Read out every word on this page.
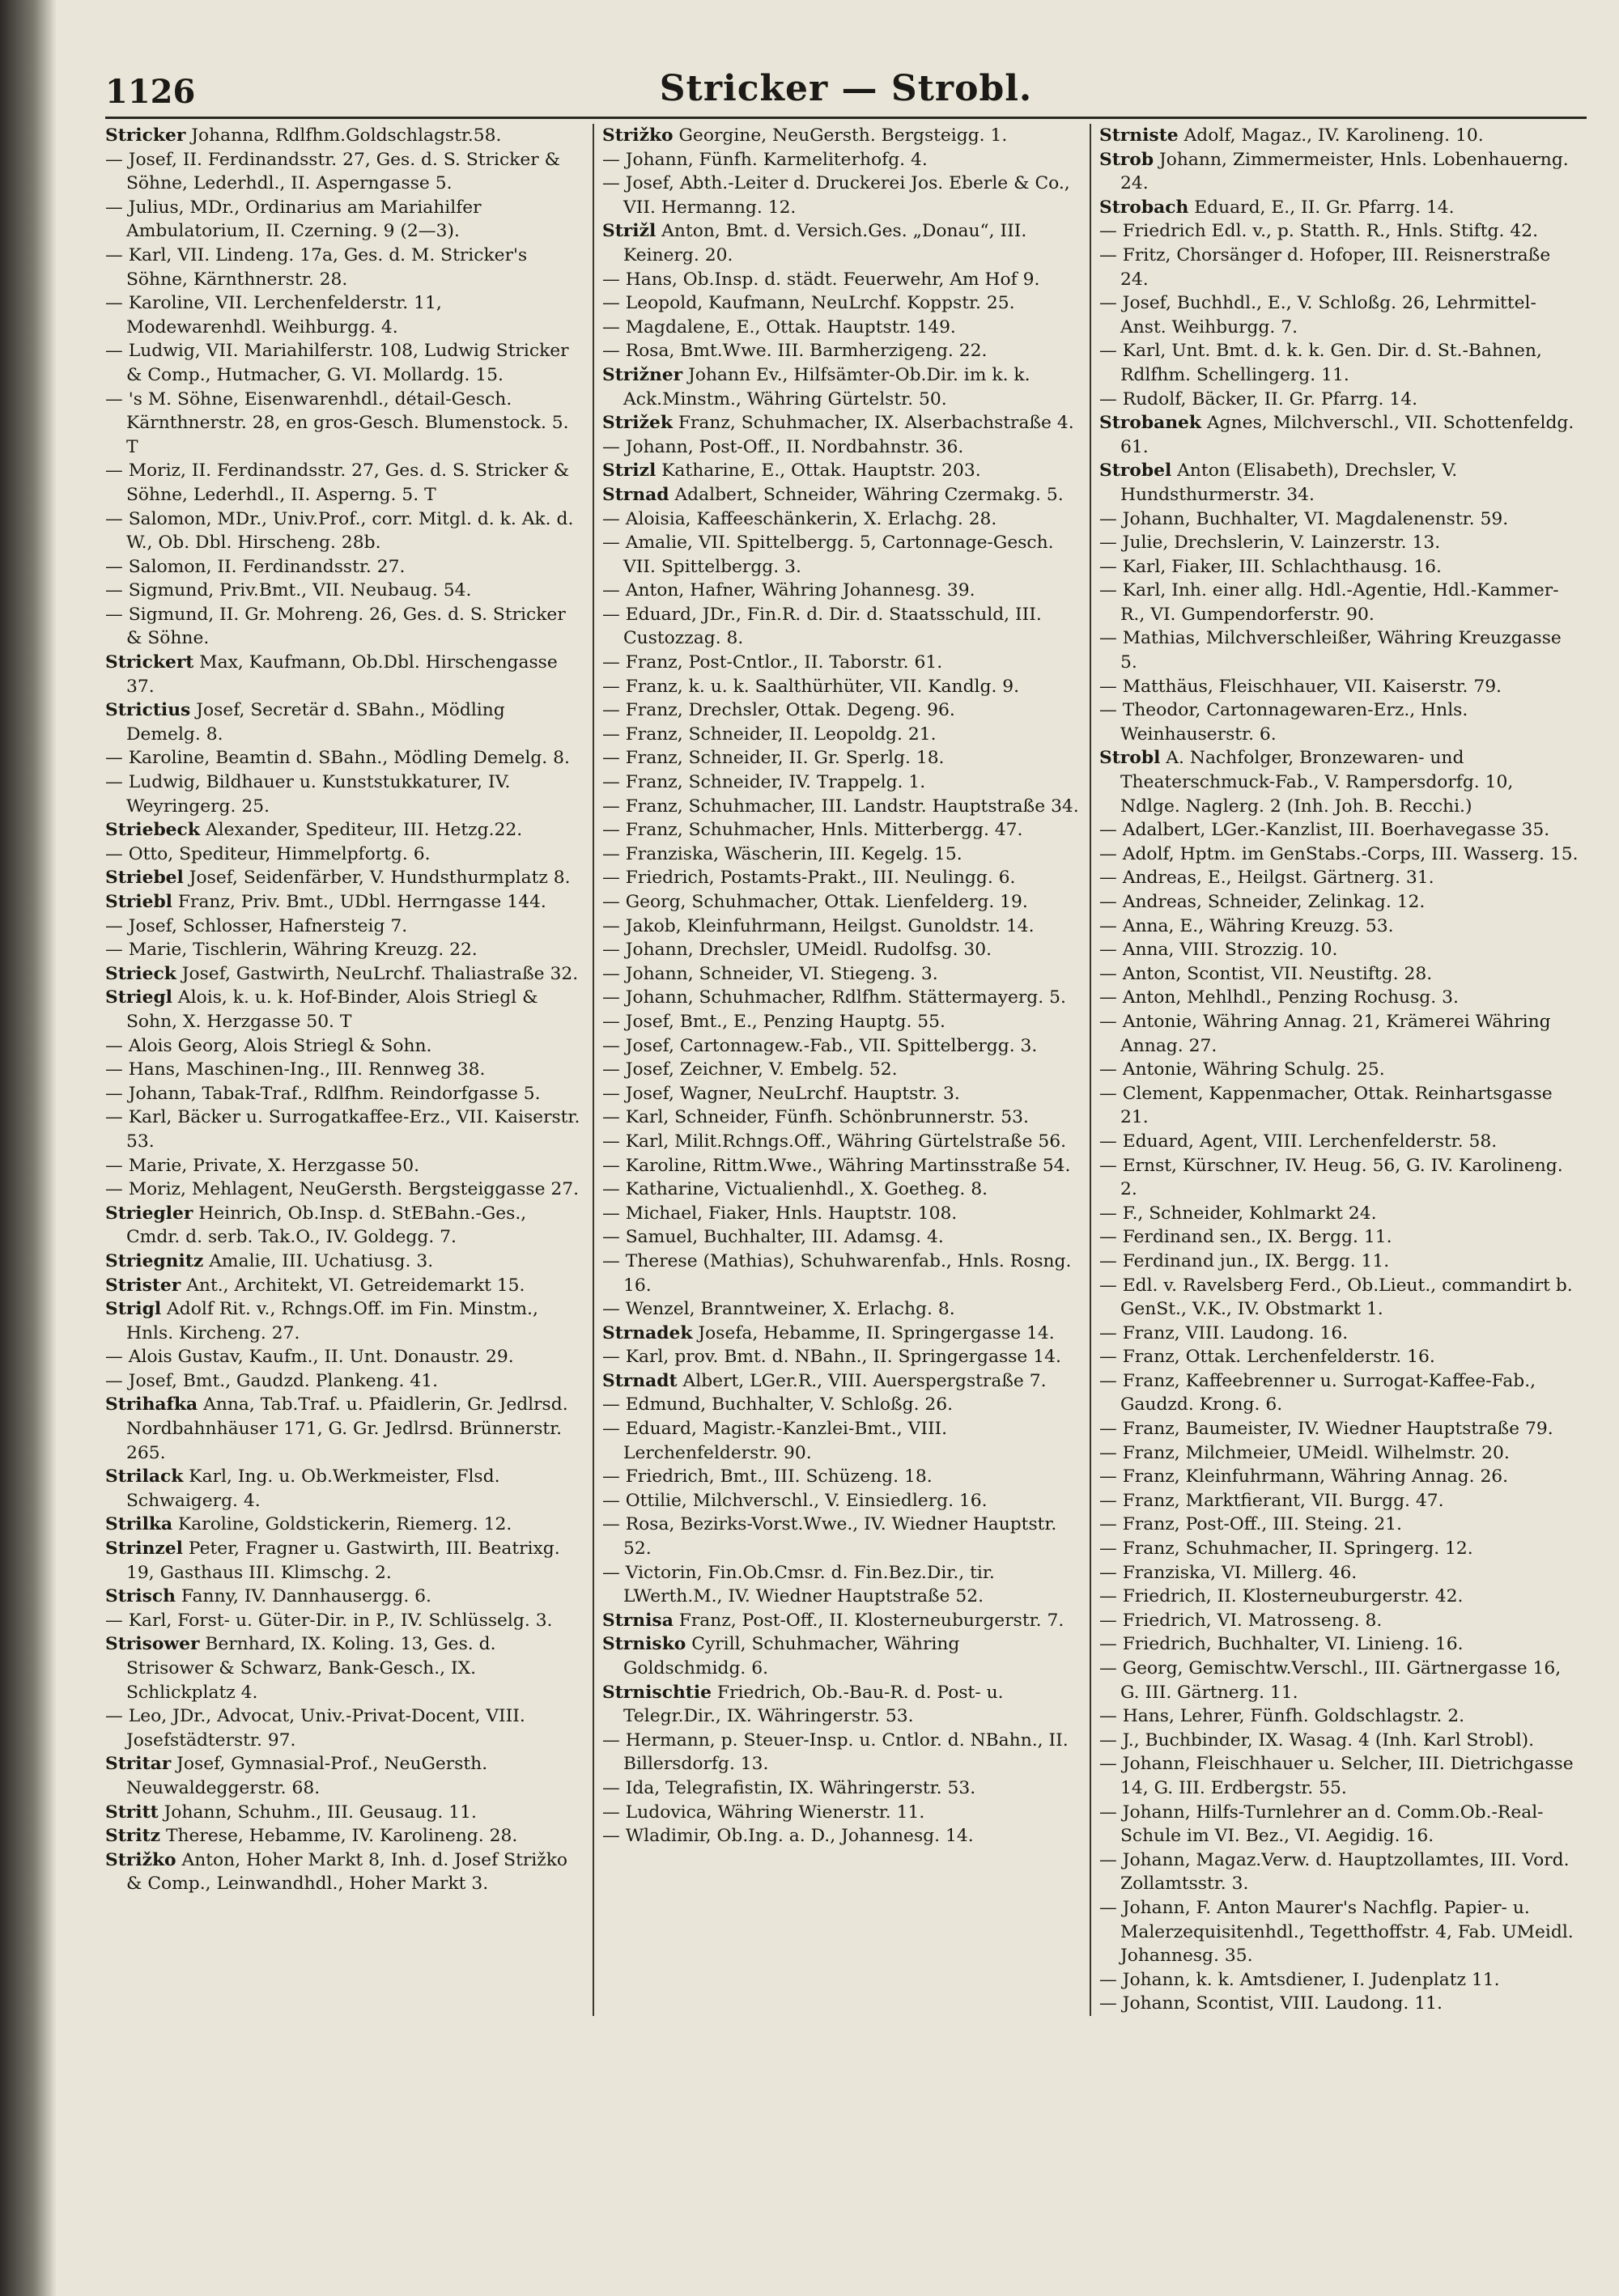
1126	Stricker — Strobl.
Stricker Johanna, Rdlfhm.Goldschlagstr.58.
— Josef, II. Ferdinandsstr. 27, Ges. d. S. Stricker & Söhne, Lederhdl., II. Asperngasse 5.
— Julius, MDr., Ordinarius am Mariahilfer Ambulatorium, II. Czerning. 9 (2—3).
— Karl, VII. Lindeng. 17a, Ges. d. M. Stricker's Söhne, Kärnthnerstr. 28.
— Karoline, VII. Lerchenfelderstr. 11, Modewarenhdl. Weihburgg. 4.
— Ludwig, VII. Mariahilferstr. 108, Ludwig Stricker & Comp., Hutmacher, G. VI. Mollardg. 15.
— 's M. Söhne, Eisenwarenhdl., détail-Gesch. Kärnthnerstr. 28, en gros-Gesch. Blumenstock. 5. T
— Moriz, II. Ferdinandsstr. 27, Ges. d. S. Stricker & Söhne, Lederhdl., II. Asperng. 5. T
— Salomon, MDr., Univ.Prof., corr. Mitgl. d. k. Ak. d. W., Ob. Dbl. Hirscheng. 28b.
— Salomon, II. Ferdinandsstr. 27.
— Sigmund, Priv.Bmt., VII. Neubaug. 54.
— Sigmund, II. Gr. Mohreng. 26, Ges. d. S. Stricker & Söhne.
Strickert Max, Kaufmann, Ob.Dbl. Hirschengasse 37.
Strictius Josef, Secretär d. SBahn., Mödling Demelg. 8.
— Karoline, Beamtin d. SBahn., Mödling Demelg. 8.
— Ludwig, Bildhauer u. Kunststukkaturer, IV. Weyringerg. 25.
Striebeck Alexander, Spediteur, III. Hetzg.22.
— Otto, Spediteur, Himmelpfortg. 6.
Striebel Josef, Seidenfärber, V. Hundsthurmplatz 8.
Striebl Franz, Priv. Bmt., UDbl. Herrngasse 144.
— Josef, Schlosser, Hafnersteig 7.
— Marie, Tischlerin, Währing Kreuzg. 22.
Strieck Josef, Gastwirth, NeuLrchf. Thaliastraße 32.
Striegl Alois, k. u. k. Hof-Binder, Alois Striegl & Sohn, X. Herzgasse 50. T
— Alois Georg, Alois Striegl & Sohn.
— Hans, Maschinen-Ing., III. Rennweg 38.
— Johann, Tabak-Traf., Rdlfhm. Reindorfgasse 5.
— Karl, Bäcker u. Surrogatkaffee-Erz., VII. Kaiserstr. 53.
— Marie, Private, X. Herzgasse 50.
— Moriz, Mehlagent, NeuGersth. Bergsteiggasse 27.
Striegler Heinrich, Ob.Insp. d. StEBahn.-Ges., Cmdr. d. serb. Tak.O., IV. Goldegg. 7.
Striegnitz Amalie, III. Uchatiusg. 3.
Strister Ant., Architekt, VI. Getreidemarkt 15.
Strigl Adolf Rit. v., Rchngs.Off. im Fin. Minstm., Hnls. Kircheng. 27.
— Alois Gustav, Kaufm., II. Unt. Donaustr. 29.
— Josef, Bmt., Gaudzd. Plankeng. 41.
Strihafka Anna, Tab.Traf. u. Pfaidlerin, Gr. Jedlrsd. Nordbahnhäuser 171, G. Gr. Jedlrsd. Brünnerstr. 265.
Strilack Karl, Ing. u. Ob.Werkmeister, Flsd. Schwaigerg. 4.
Strilka Karoline, Goldstickerin, Riemerg. 12.
Strinzel Peter, Fragner u. Gastwirth, III. Beatrixg. 19, Gasthaus III. Klimschg. 2.
Strisch Fanny, IV. Dannhausergg. 6.
— Karl, Forst- u. Güter-Dir. in P., IV. Schlüsselg. 3.
Strisower Bernhard, IX. Koling. 13, Ges. d. Strisower & Schwarz, Bank-Gesch., IX. Schlickplatz 4.
— Leo, JDr., Advocat, Univ.-Privat-Docent, VIII. Josefstädterstr. 97.
Stritar Josef, Gymnasial-Prof., NeuGersth. Neuwaldeggerstr. 68.
Stritt Johann, Schuhm., III. Geusaug. 11.
Stritz Therese, Hebamme, IV. Karolineng. 28.
Strižko Anton, Hoher Markt 8, Inh. d. Josef Strižko & Comp., Leinwandhdl., Hoher Markt 3.
Strižko Georgine, NeuGersth. Bergsteigg. 1.
— Johann, Fünfh. Karmeliterhofg. 4.
— Josef, Abth.-Leiter d. Druckerei Jos. Eberle & Co., VII. Hermanng. 12.
Strižl Anton, Bmt. d. Versich.Ges. „Donau“, III. Keinerg. 20.
— Hans, Ob.Insp. d. städt. Feuerwehr, Am Hof 9.
— Leopold, Kaufmann, NeuLrchf. Koppstr. 25.
— Magdalene, E., Ottak. Hauptstr. 149.
— Rosa, Bmt.Wwe. III. Barmherzigeng. 22.
Strižner Johann Ev., Hilfsämter-Ob.Dir. im k. k. Ack.Minstm., Währing Gürtelstr. 50.
Strižek Franz, Schuhmacher, IX. Alserbachstraße 4.
— Johann, Post-Off., II. Nordbahnstr. 36.
Strizl Katharine, E., Ottak. Hauptstr. 203.
Strnad Adalbert, Schneider, Währing Czermakg. 5.
— Aloisia, Kaffeeschänkerin, X. Erlachg. 28.
— Amalie, VII. Spittelbergg. 5, Cartonnage-Gesch. VII. Spittelbergg. 3.
— Anton, Hafner, Währing Johannesg. 39.
— Eduard, JDr., Fin.R. d. Dir. d. Staatsschuld, III. Custozzag. 8.
— Franz, Post-Cntlor., II. Taborstr. 61.
— Franz, k. u. k. Saalthürhüter, VII. Kandlg. 9.
— Franz, Drechsler, Ottak. Degeng. 96.
— Franz, Schneider, II. Leopoldg. 21.
— Franz, Schneider, II. Gr. Sperlg. 18.
— Franz, Schneider, IV. Trappelg. 1.
— Franz, Schuhmacher, III. Landstr. Hauptstraße 34.
— Franz, Schuhmacher, Hnls. Mitterbergg. 47.
— Franziska, Wäscherin, III. Kegelg. 15.
— Friedrich, Postamts-Prakt., III. Neulingg. 6.
— Georg, Schuhmacher, Ottak. Lienfelderg. 19.
— Jakob, Kleinfuhrmann, Heilgst. Gunoldstr. 14.
— Johann, Drechsler, UMeidl. Rudolfsg. 30.
— Johann, Schneider, VI. Stiegeng. 3.
— Johann, Schuhmacher, Rdlfhm. Stättermayerg. 5.
— Josef, Bmt., E., Penzing Hauptg. 55.
— Josef, Cartonnagew.-Fab., VII. Spittelbergg. 3.
— Josef, Zeichner, V. Embelg. 52.
— Josef, Wagner, NeuLrchf. Hauptstr. 3.
— Karl, Schneider, Fünfh. Schönbrunnerstr. 53.
— Karl, Milit.Rchngs.Off., Währing Gürtelstraße 56.
— Karoline, Rittm.Wwe., Währing Martinsstraße 54.
— Katharine, Victualienhdl., X. Goetheg. 8.
— Michael, Fiaker, Hnls. Hauptstr. 108.
— Samuel, Buchhalter, III. Adamsg. 4.
— Therese (Mathias), Schuhwarenfab., Hnls. Rosng. 16.
— Wenzel, Branntweiner, X. Erlachg. 8.
Strnadek Josefa, Hebamme, II. Springergasse 14.
— Karl, prov. Bmt. d. NBahn., II. Springergasse 14.
Strnadt Albert, LGer.R., VIII. Auerspergstraße 7.
— Edmund, Buchhalter, V. Schloßg. 26.
— Eduard, Magistr.-Kanzlei-Bmt., VIII. Lerchenfelderstr. 90.
— Friedrich, Bmt., III. Schüzeng. 18.
— Ottilie, Milchverschl., V. Einsiedlerg. 16.
— Rosa, Bezirks-Vorst.Wwe., IV. Wiedner Hauptstr. 52.
— Victorin, Fin.Ob.Cmsr. d. Fin.Bez.Dir., tir. LWerth.M., IV. Wiedner Hauptstraße 52.
Strnisa Franz, Post-Off., II. Klosterneuburgerstr. 7.
Strnisko Cyrill, Schuhmacher, Währing Goldschmidg. 6.
Strnischtie Friedrich, Ob.-Bau-R. d. Post- u. Telegr.Dir., IX. Währingerstr. 53.
— Hermann, p. Steuer-Insp. u. Cntlor. d. NBahn., II. Billersdorfg. 13.
— Ida, Telegrafistin, IX. Währingerstr. 53.
— Ludovica, Währing Wienerstr. 11.
— Wladimir, Ob.Ing. a. D., Johannesg. 14.
Strniste Adolf, Magaz., IV. Karolineng. 10.
Strob Johann, Zimmermeister, Hnls. Lobenhauerng. 24.
Strobach Eduard, E., II. Gr. Pfarrg. 14.
— Friedrich Edl. v., p. Statth. R., Hnls. Stiftg. 42.
— Fritz, Chorsänger d. Hofoper, III. Reisnerstraße 24.
— Josef, Buchhdl., E., V. Schloßg. 26, Lehrmittel-Anst. Weihburgg. 7.
— Karl, Unt. Bmt. d. k. k. Gen. Dir. d. St.-Bahnen, Rdlfhm. Schellingerg. 11.
— Rudolf, Bäcker, II. Gr. Pfarrg. 14.
Strobanek Agnes, Milchverschl., VII. Schottenfeldg. 61.
Strobel Anton (Elisabeth), Drechsler, V. Hundsthurmerstr. 34.
— Johann, Buchhalter, VI. Magdalenenstr. 59.
— Julie, Drechslerin, V. Lainzerstr. 13.
— Karl, Fiaker, III. Schlachthausg. 16.
— Karl, Inh. einer allg. Hdl.-Agentie, Hdl.-Kammer-R., VI. Gumpendorferstr. 90.
— Mathias, Milchverschleißer, Währing Kreuzgasse 5.
— Matthäus, Fleischhauer, VII. Kaiserstr. 79.
— Theodor, Cartonnagewaren-Erz., Hnls. Weinhauserstr. 6.
Strobl A. Nachfolger, Bronzewaren- und Theaterschmuck-Fab., V. Rampersdorfg. 10, Ndlge. Naglerg. 2 (Inh. Joh. B. Recchi.)
— Adalbert, LGer.-Kanzlist, III. Boerhavegasse 35.
— Adolf, Hptm. im GenStabs.-Corps, III. Wasserg. 15.
— Andreas, E., Heilgst. Gärtnerg. 31.
— Andreas, Schneider, Zelinkag. 12.
— Anna, E., Währing Kreuzg. 53.
— Anna, VIII. Strozzig. 10.
— Anton, Scontist, VII. Neustiftg. 28.
— Anton, Mehlhdl., Penzing Rochusg. 3.
— Antonie, Währing Annag. 21, Krämerei Währing Annag. 27.
— Antonie, Währing Schulg. 25.
— Clement, Kappenmacher, Ottak. Reinhartsgasse 21.
— Eduard, Agent, VIII. Lerchenfelderstr. 58.
— Ernst, Kürschner, IV. Heug. 56, G. IV. Karolineng. 2.
— F., Schneider, Kohlmarkt 24.
— Ferdinand sen., IX. Bergg. 11.
— Ferdinand jun., IX. Bergg. 11.
— Edl. v. Ravelsberg Ferd., Ob.Lieut., commandirt b. GenSt., V.K., IV. Obstmarkt 1.
— Franz, VIII. Laudong. 16.
— Franz, Ottak. Lerchenfelderstr. 16.
— Franz, Kaffeebrenner u. Surrogat-Kaffee-Fab., Gaudzd. Krong. 6.
— Franz, Baumeister, IV. Wiedner Hauptstraße 79.
— Franz, Milchmeier, UMeidl. Wilhelmstr. 20.
— Franz, Kleinfuhrmann, Währing Annag. 26.
— Franz, Marktfierant, VII. Burgg. 47.
— Franz, Post-Off., III. Steing. 21.
— Franz, Schuhmacher, II. Springerg. 12.
— Franziska, VI. Millerg. 46.
— Friedrich, II. Klosterneuburgerstr. 42.
— Friedrich, VI. Matrosseng. 8.
— Friedrich, Buchhalter, VI. Linieng. 16.
— Georg, Gemischtw.Verschl., III. Gärtnergasse 16, G. III. Gärtnerg. 11.
— Hans, Lehrer, Fünfh. Goldschlagstr. 2.
— J., Buchbinder, IX. Wasag. 4 (Inh. Karl Strobl).
— Johann, Fleischhauer u. Selcher, III. Dietrichgasse 14, G. III. Erdbergstr. 55.
— Johann, Hilfs-Turnlehrer an d. Comm.Ob.-Real-Schule im VI. Bez., VI. Aegidig. 16.
— Johann, Magaz.Verw. d. Hauptzollamtes, III. Vord. Zollamtsstr. 3.
— Johann, F. Anton Maurer's Nachflg. Papier- u. Malerzequisitenhdl., Tegetthoffstr. 4, Fab. UMeidl. Johannesg. 35.
— Johann, k. k. Amtsdiener, I. Judenplatz 11.
— Johann, Scontist, VIII. Laudong. 11.
